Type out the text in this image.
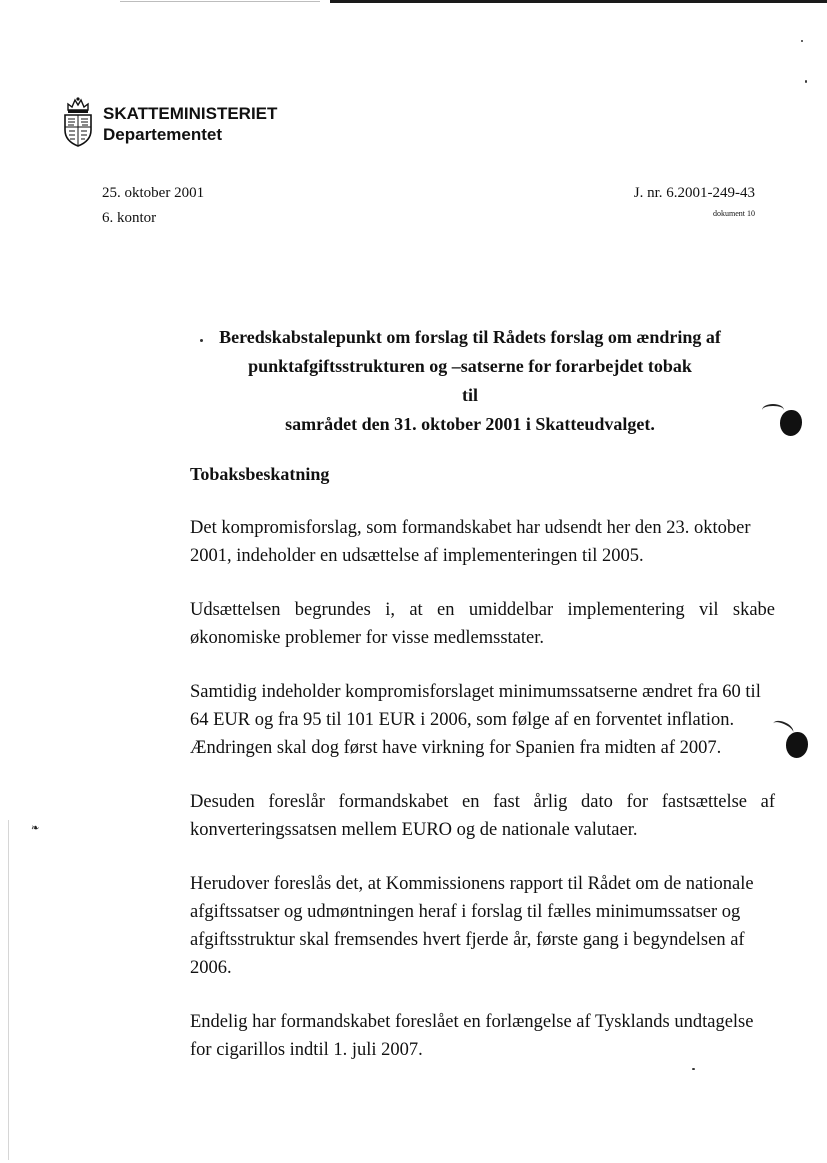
SKATTEMINISTERIET
Departementet
25. oktober 2001
6. kontor
J. nr. 6.2001-249-43
dokument 10
Beredskabstalepunkt om forslag til Rådets forslag om ændring af
punktafgiftsstrukturen og –satserne for forarbejdet tobak
til
samrådet den 31. oktober 2001 i Skatteudvalget.
Tobaksbeskatning

Det kompromisforslag, som formandskabet har udsendt her den 23. oktober 2001, indeholder en udsættelse af implementeringen til 2005.

Udsættelsen begrundes i, at en umiddelbar implementering vil skabe økonomiske problemer for visse medlemsstater.

Samtidig indeholder kompromisforslaget minimumssatserne ændret fra 60 til 64 EUR og fra 95 til 101 EUR i 2006, som følge af en forventet inflation. Ændringen skal dog først have virkning for Spanien fra midten af 2007.

Desuden foreslår formandskabet en fast årlig dato for fastsættelse af konverteringssatsen mellem EURO og de nationale valutaer.

Herudover foreslås det, at Kommissionens rapport til Rådet om de nationale afgiftssatser og udmøntningen heraf i forslag til fælles minimumssatser og afgiftsstruktur skal fremsendes hvert fjerde år, første gang i begyndelsen af 2006.

Endelig har formandskabet foreslået en forlængelse af Tysklands undtagelse for cigarillos indtil 1. juli 2007.

❧
